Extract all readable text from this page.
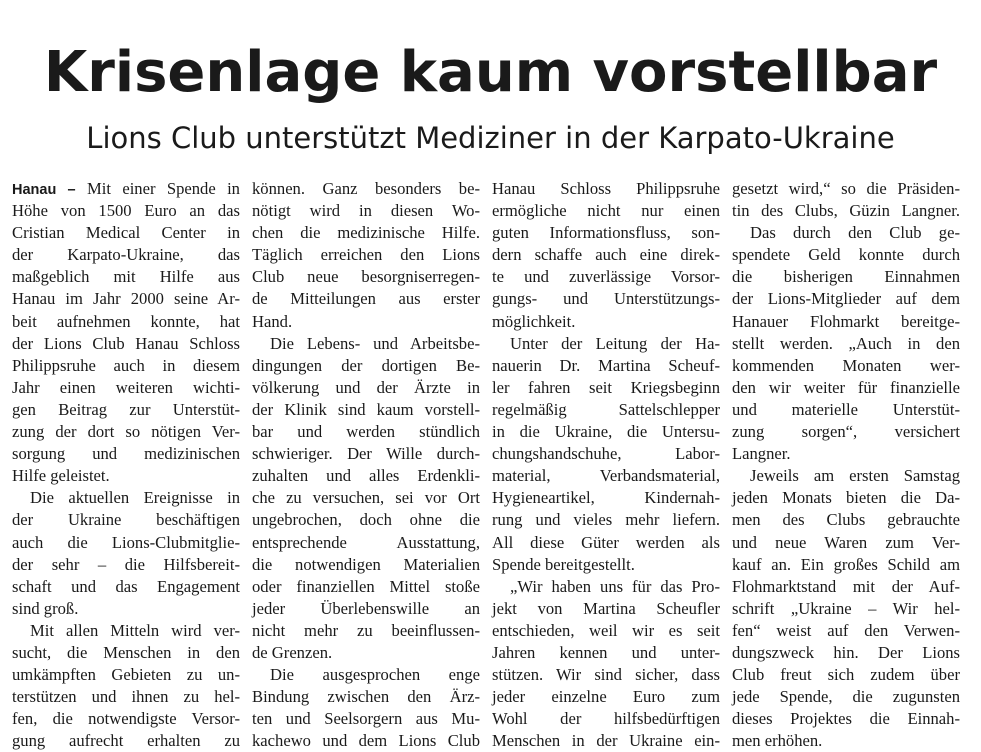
Krisenlage kaum vorstellbar
Lions Club unterstützt Mediziner in der Karpato-Ukraine
Hanau – Mit einer Spende in
Höhe von 1500 Euro an das
Cristian Medical Center in
der Karpato-Ukraine, das
maßgeblich mit Hilfe aus
Hanau im Jahr 2000 seine Ar-
beit aufnehmen konnte, hat
der Lions Club Hanau Schloss
Philippsruhe auch in diesem
Jahr einen weiteren wichti-
gen Beitrag zur Unterstüt-
zung der dort so nötigen Ver-
sorgung und medizinischen
Hilfe geleistet.
Die aktuellen Ereignisse in
der Ukraine beschäftigen
auch die Lions-Clubmitglie-
der sehr – die Hilfsbereit-
schaft und das Engagement
sind groß.
Mit allen Mitteln wird ver-
sucht, die Menschen in den
umkämpften Gebieten zu un-
terstützen und ihnen zu hel-
fen, die notwendigste Versor-
gung aufrecht erhalten zu
können. Ganz besonders be-
nötigt wird in diesen Wo-
chen die medizinische Hilfe.
Täglich erreichen den Lions
Club neue besorgniserregen-
de Mitteilungen aus erster
Hand.
Die Lebens- und Arbeitsbe-
dingungen der dortigen Be-
völkerung und der Ärzte in
der Klinik sind kaum vorstell-
bar und werden stündlich
schwieriger. Der Wille durch-
zuhalten und alles Erdenkli-
che zu versuchen, sei vor Ort
ungebrochen, doch ohne die
entsprechende Ausstattung,
die notwendigen Materialien
oder finanziellen Mittel stoße
jeder Überlebenswille an
nicht mehr zu beeinflussen-
de Grenzen.
Die ausgesprochen enge
Bindung zwischen den Ärz-
ten und Seelsorgern aus Mu-
kachewo und dem Lions Club
Hanau Schloss Philippsruhe
ermögliche nicht nur einen
guten Informationsfluss, son-
dern schaffe auch eine direk-
te und zuverlässige Vorsor-
gungs- und Unterstützungs-
möglichkeit.
Unter der Leitung der Ha-
nauerin Dr. Martina Scheuf-
ler fahren seit Kriegsbeginn
regelmäßig Sattelschlepper
in die Ukraine, die Untersu-
chungshandschuhe, Labor-
material, Verbandsmaterial,
Hygieneartikel, Kindernah-
rung und vieles mehr liefern.
All diese Güter werden als
Spende bereitgestellt.
„Wir haben uns für das Pro-
jekt von Martina Scheufler
entschieden, weil wir es seit
Jahren kennen und unter-
stützen. Wir sind sicher, dass
jeder einzelne Euro zum
Wohl der hilfsbedürftigen
Menschen in der Ukraine ein-
gesetzt wird,“ so die Präsiden-
tin des Clubs, Güzin Langner.
Das durch den Club ge-
spendete Geld konnte durch
die bisherigen Einnahmen
der Lions-Mitglieder auf dem
Hanauer Flohmarkt bereitge-
stellt werden. „Auch in den
kommenden Monaten wer-
den wir weiter für finanzielle
und materielle Unterstüt-
zung sorgen“, versichert
Langner.
Jeweils am ersten Samstag
jeden Monats bieten die Da-
men des Clubs gebrauchte
und neue Waren zum Ver-
kauf an. Ein großes Schild am
Flohmarktstand mit der Auf-
schrift „Ukraine – Wir hel-
fen“ weist auf den Verwen-
dungszweck hin. Der Lions
Club freut sich zudem über
jede Spende, die zugunsten
dieses Projektes die Einnah-
men erhöhen.
